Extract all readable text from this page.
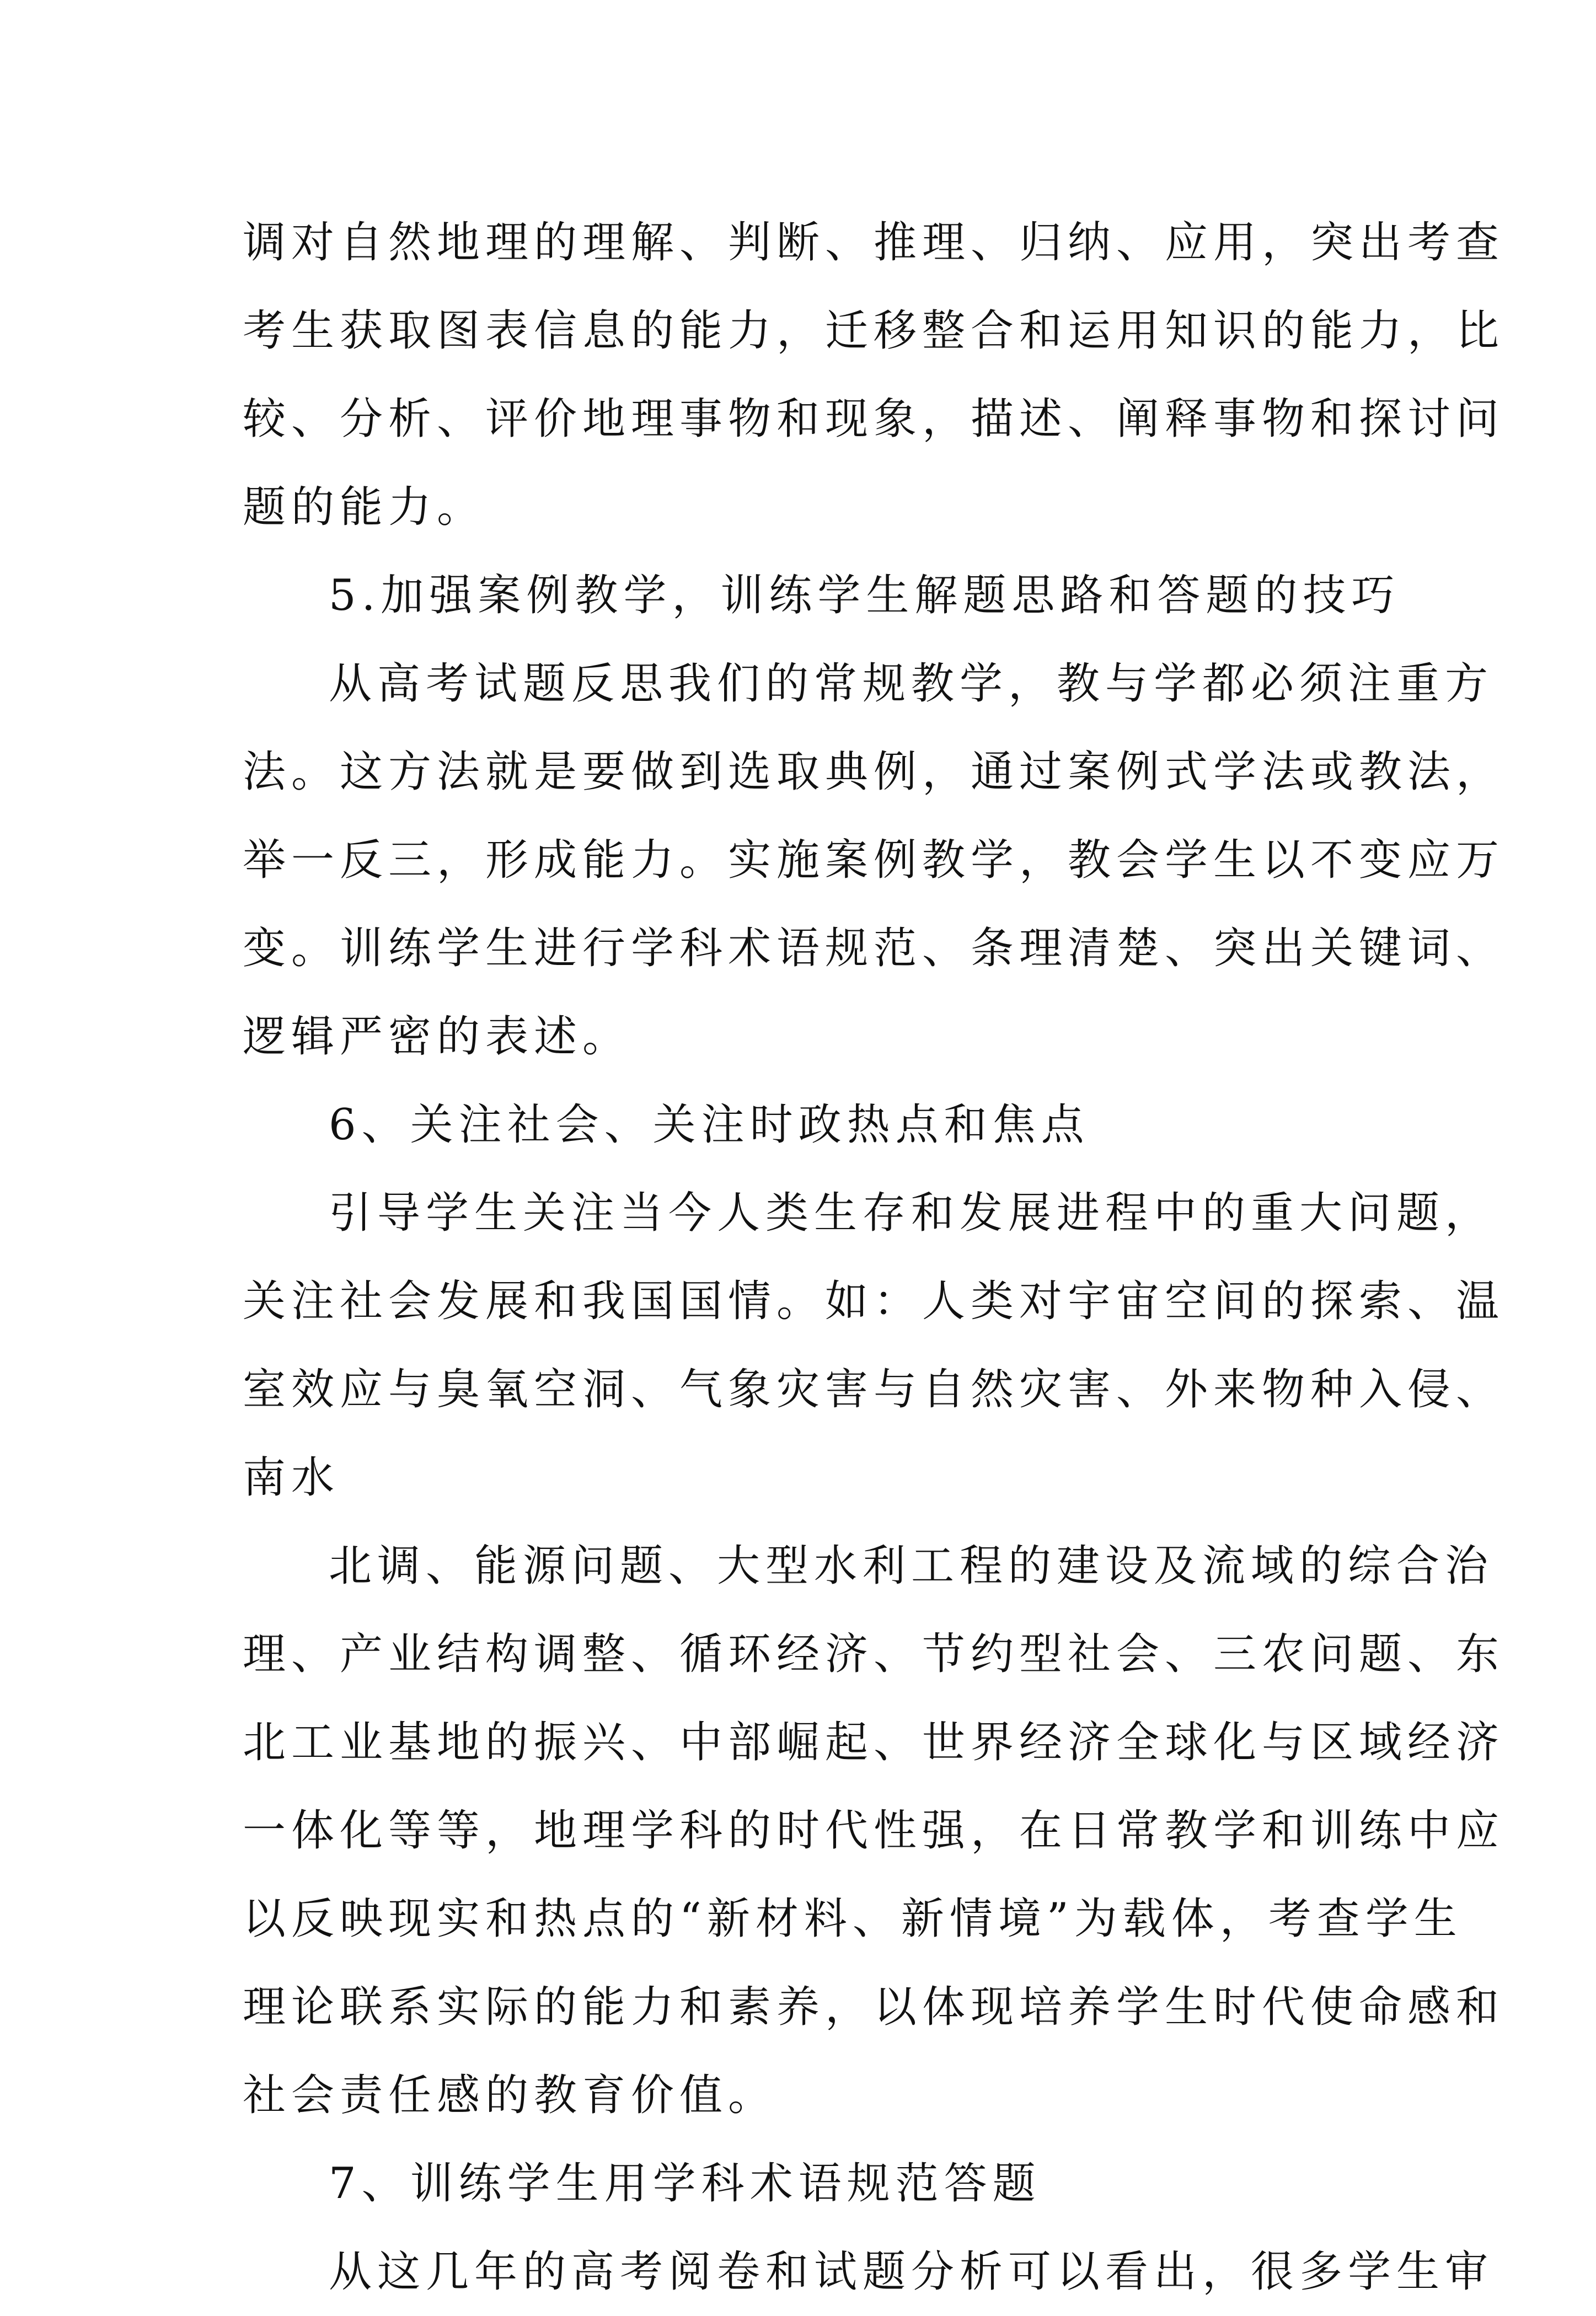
调对自然地理的理解、判断、推理、归纳、应用，突出考查
考生获取图表信息的能力，迁移整合和运用知识的能力，比
较、分析、评价地理事物和现象，描述、阐释事物和探讨问
题的能力。
5.加强案例教学，训练学生解题思路和答题的技巧
从高考试题反思我们的常规教学，教与学都必须注重方
法。这方法就是要做到选取典例，通过案例式学法或教法，
举一反三，形成能力。实施案例教学，教会学生以不变应万
变。训练学生进行学科术语规范、条理清楚、突出关键词、
逻辑严密的表述。
6、关注社会、关注时政热点和焦点
引导学生关注当今人类生存和发展进程中的重大问题，
关注社会发展和我国国情。如：人类对宇宙空间的探索、温
室效应与臭氧空洞、气象灾害与自然灾害、外来物种入侵、
南水
北调、能源问题、大型水利工程的建设及流域的综合治
理、产业结构调整、循环经济、节约型社会、三农问题、东
北工业基地的振兴、中部崛起、世界经济全球化与区域经济
一体化等等，地理学科的时代性强，在日常教学和训练中应
以反映现实和热点的“新材料、新情境”为载体，考查学生
理论联系实际的能力和素养，以体现培养学生时代使命感和
社会责任感的教育价值。
7、训练学生用学科术语规范答题
从这几年的高考阅卷和试题分析可以看出，很多学生审
